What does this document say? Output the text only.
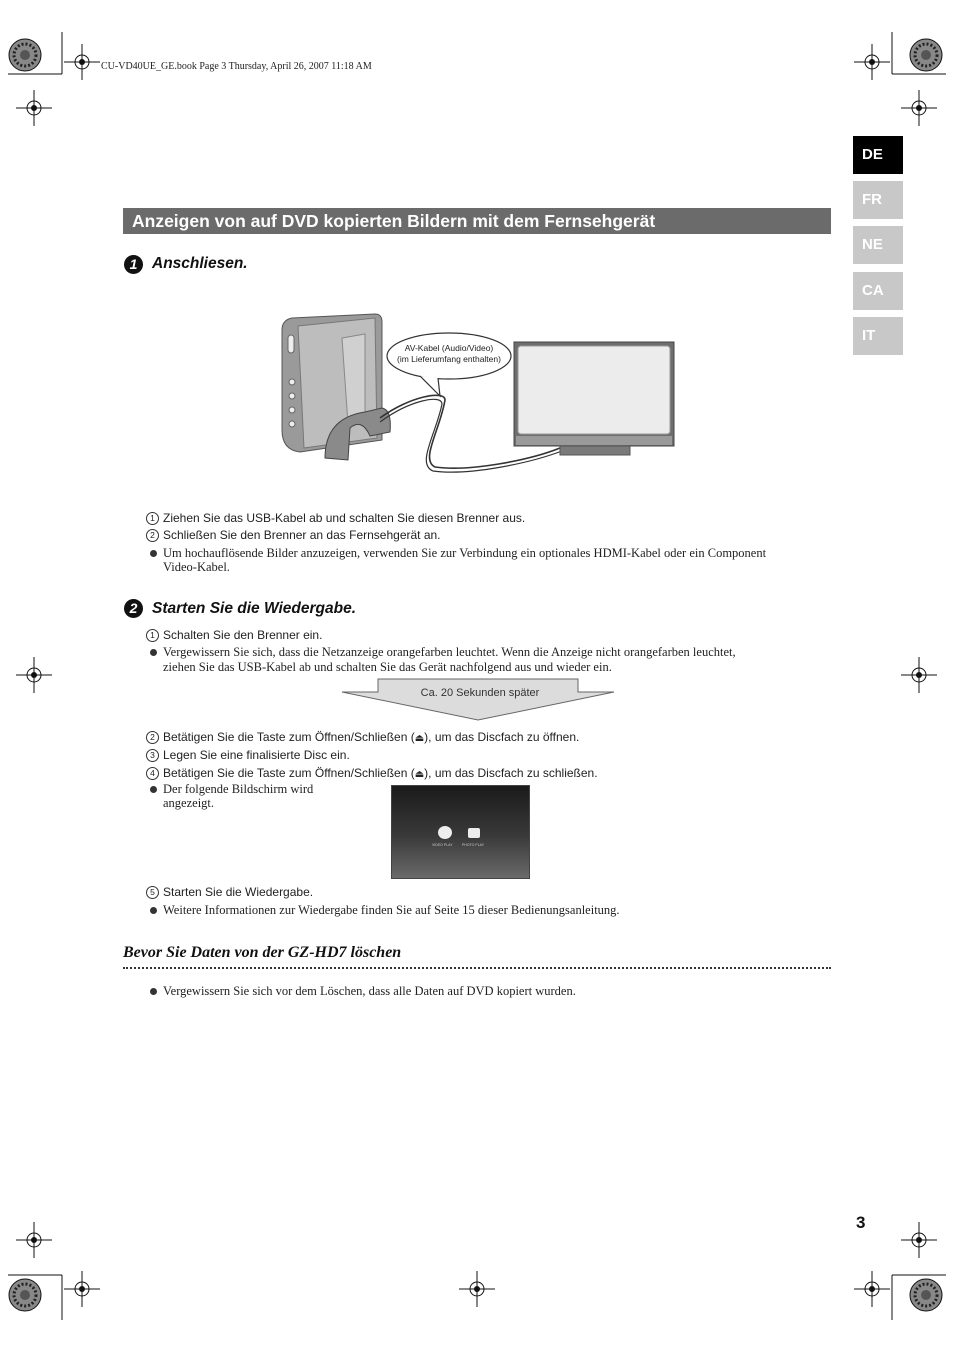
CU-VD40UE_GE.book Page 3 Thursday, April 26, 2007 11:18 AM
DE
FR
NE
CA
IT
Anzeigen von auf DVD kopierten Bildern mit dem Fernsehgerät
1 Anschliesen.
AV-Kabel (Audio/Video)
(im Lieferumfang enthalten)
1 Ziehen Sie das USB-Kabel ab und schalten Sie diesen Brenner aus.
2 Schließen Sie den Brenner an das Fernsehgerät an.
Um hochauflösende Bilder anzuzeigen, verwenden Sie zur Verbindung ein optionales HDMI-Kabel oder ein Component
Video-Kabel.
2 Starten Sie die Wiedergabe.
1 Schalten Sie den Brenner ein.
Vergewissern Sie sich, dass die Netzanzeige orangefarben leuchtet. Wenn die Anzeige nicht orangefarben leuchtet,
ziehen Sie das USB-Kabel ab und schalten Sie das Gerät nachfolgend aus und wieder ein.
Ca. 20 Sekunden später
2 Betätigen Sie die Taste zum Öffnen/Schließen (⏏), um das Discfach zu öffnen.
3 Legen Sie eine finalisierte Disc ein.
4 Betätigen Sie die Taste zum Öffnen/Schließen (⏏), um das Discfach zu schließen.
Der folgende Bildschirm wird
angezeigt.
VIDEO PLAY	PHOTO PLAY
5 Starten Sie die Wiedergabe.
Weitere Informationen zur Wiedergabe finden Sie auf Seite 15 dieser Bedienungsanleitung.
Bevor Sie Daten von der GZ-HD7 löschen
Vergewissern Sie sich vor dem Löschen, dass alle Daten auf DVD kopiert wurden.
3
